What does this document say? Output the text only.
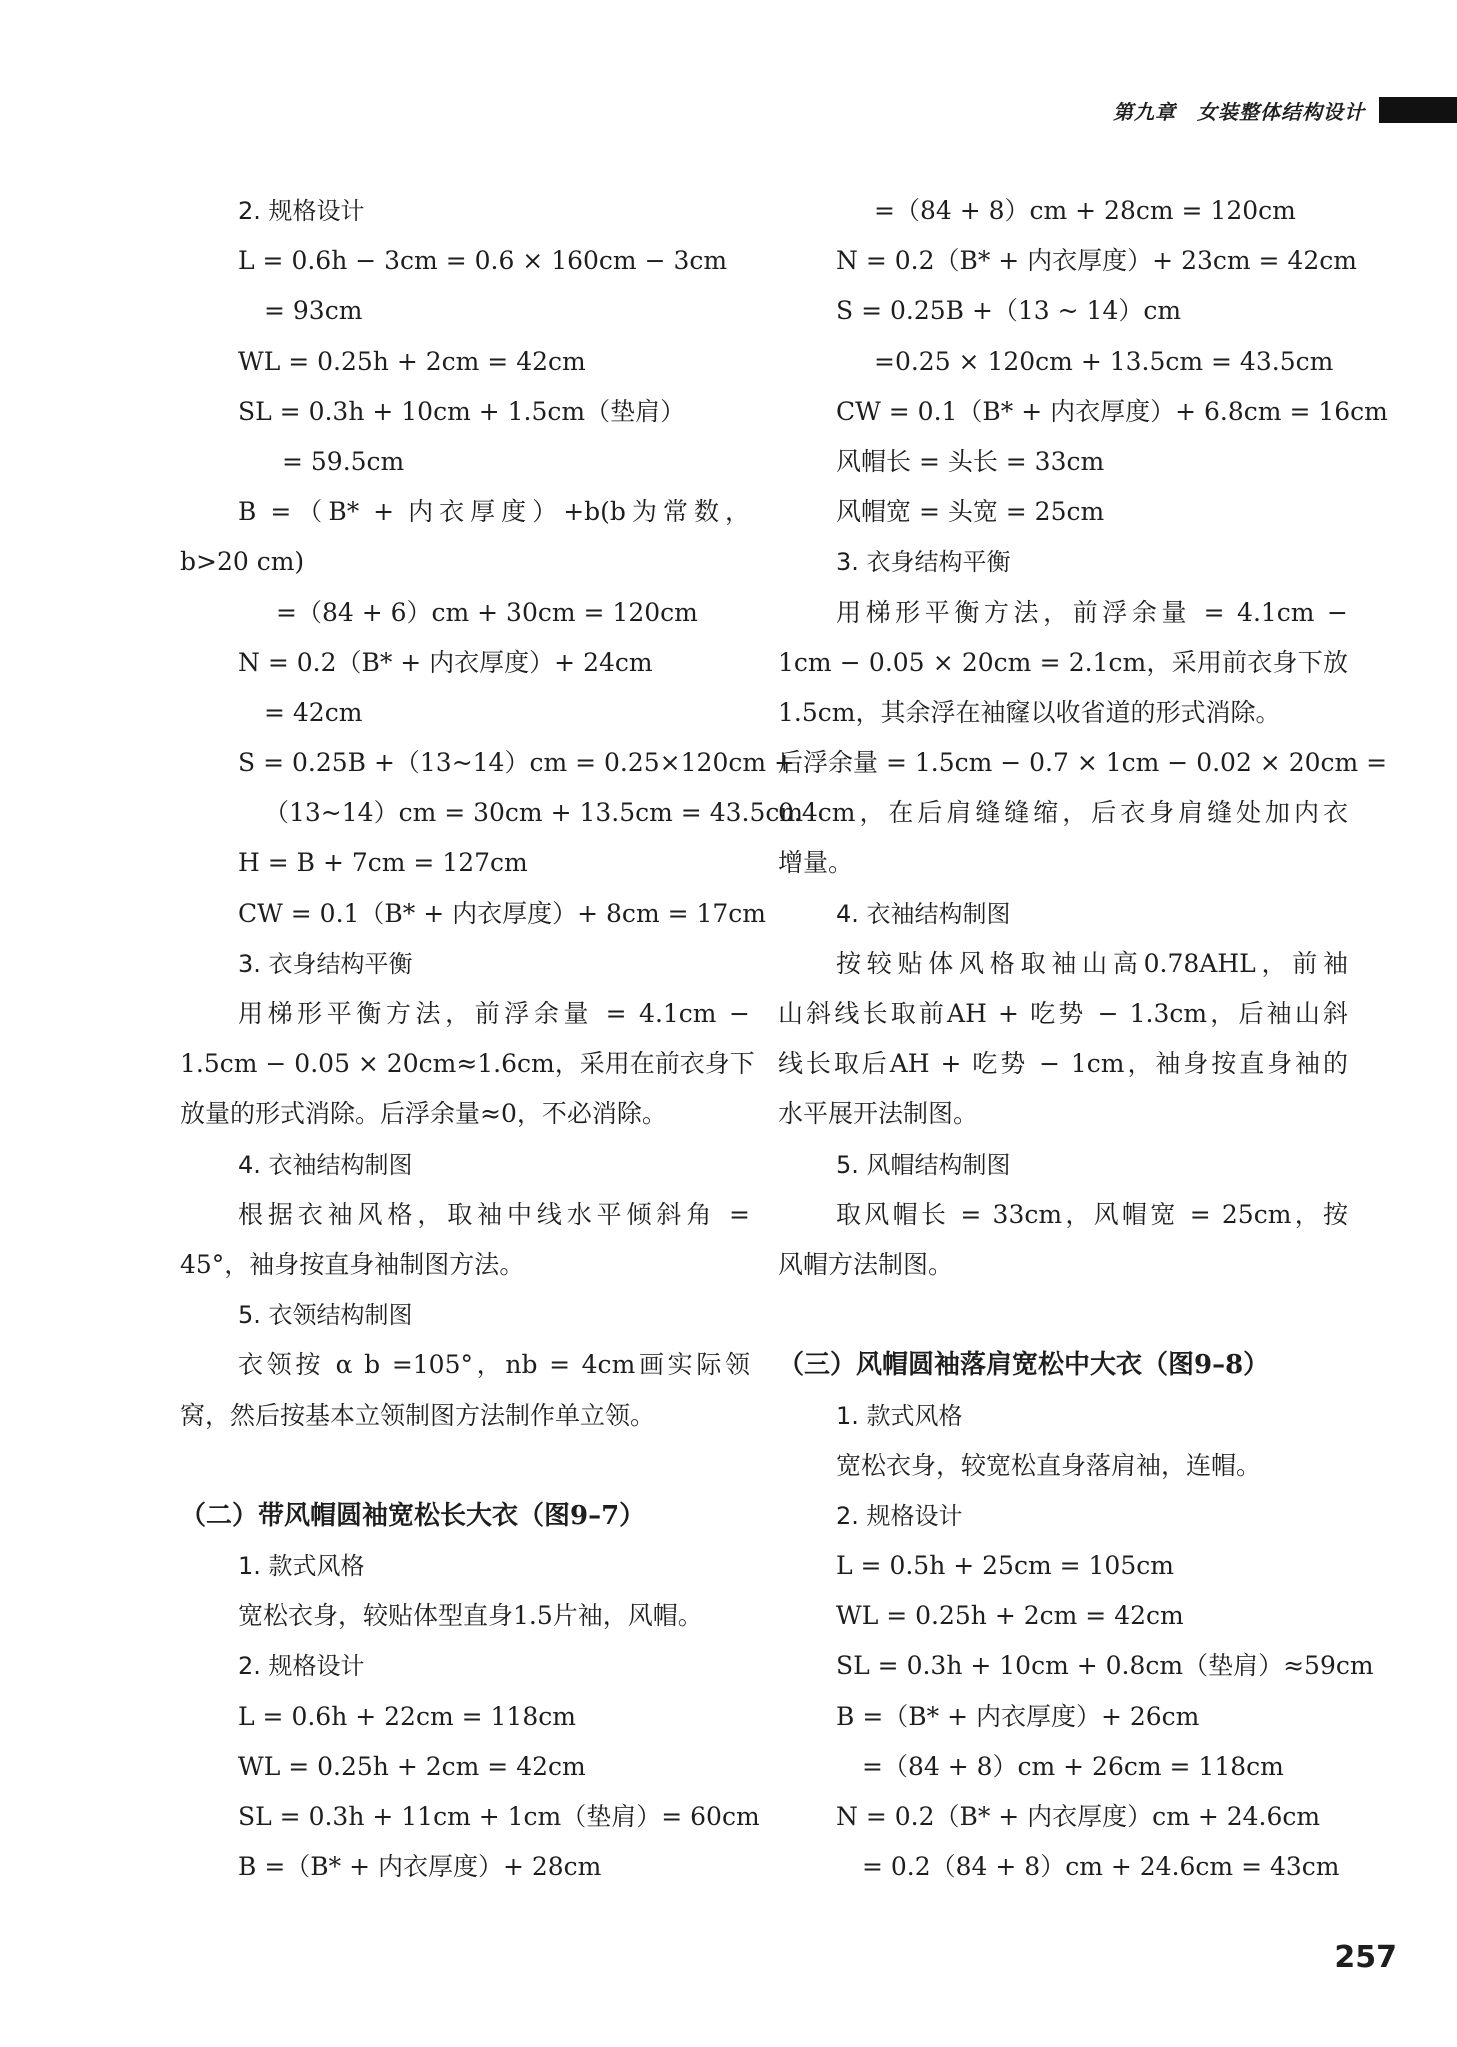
第九章　女装整体结构设计
2. 规格设计
L = 0.6h − 3cm = 0.6 × 160cm − 3cm
= 93cm
WL = 0.25h + 2cm = 42cm
SL = 0.3h + 10cm + 1.5cm（垫肩）
= 59.5cm
B =（B* + 内衣厚度）+b(b为常数，
b>20 cm)
=（84 + 6）cm + 30cm = 120cm
N = 0.2（B* + 内衣厚度）+ 24cm
= 42cm
S = 0.25B +（13~14）cm = 0.25×120cm +
（13~14）cm = 30cm + 13.5cm = 43.5cm
H = B + 7cm = 127cm
CW = 0.1（B* + 内衣厚度）+ 8cm = 17cm
3. 衣身结构平衡
用梯形平衡方法，前浮余量 = 4.1cm −
1.5cm − 0.05 × 20cm≈1.6cm，采用在前衣身下
放量的形式消除。后浮余量≈0，不必消除。
4. 衣袖结构制图
根据衣袖风格，取袖中线水平倾斜角 =
45°，袖身按直身袖制图方法。
5. 衣领结构制图
衣领按 α b =105°，nb = 4cm画实际领
窝，然后按基本立领制图方法制作单立领。
（二）带风帽圆袖宽松长大衣（图9–7）
1. 款式风格
宽松衣身，较贴体型直身1.5片袖，风帽。
2. 规格设计
L = 0.6h + 22cm = 118cm
WL = 0.25h + 2cm = 42cm
SL = 0.3h + 11cm + 1cm（垫肩）= 60cm
B =（B* + 内衣厚度）+ 28cm
=（84 + 8）cm + 28cm = 120cm
N = 0.2（B* + 内衣厚度）+ 23cm = 42cm
S = 0.25B +（13 ~ 14）cm
=0.25 × 120cm + 13.5cm = 43.5cm
CW = 0.1（B* + 内衣厚度）+ 6.8cm = 16cm
风帽长 = 头长 = 33cm
风帽宽 = 头宽 = 25cm
3. 衣身结构平衡
用梯形平衡方法，前浮余量 = 4.1cm −
1cm − 0.05 × 20cm = 2.1cm，采用前衣身下放
1.5cm，其余浮在袖窿以收省道的形式消除。
后浮余量 = 1.5cm − 0.7 × 1cm − 0.02 × 20cm =
0.4cm，在后肩缝缝缩，后衣身肩缝处加内衣
增量。
4. 衣袖结构制图
按较贴体风格取袖山高0.78AHL，前袖
山斜线长取前AH + 吃势 − 1.3cm，后袖山斜
线长取后AH + 吃势 − 1cm，袖身按直身袖的
水平展开法制图。
5. 风帽结构制图
取风帽长 = 33cm，风帽宽 = 25cm，按
风帽方法制图。
（三）风帽圆袖落肩宽松中大衣（图9–8）
1. 款式风格
宽松衣身，较宽松直身落肩袖，连帽。
2. 规格设计
L = 0.5h + 25cm = 105cm
WL = 0.25h + 2cm = 42cm
SL = 0.3h + 10cm + 0.8cm（垫肩）≈59cm
B =（B* + 内衣厚度）+ 26cm
=（84 + 8）cm + 26cm = 118cm
N = 0.2（B* + 内衣厚度）cm + 24.6cm
= 0.2（84 + 8）cm + 24.6cm = 43cm
257
